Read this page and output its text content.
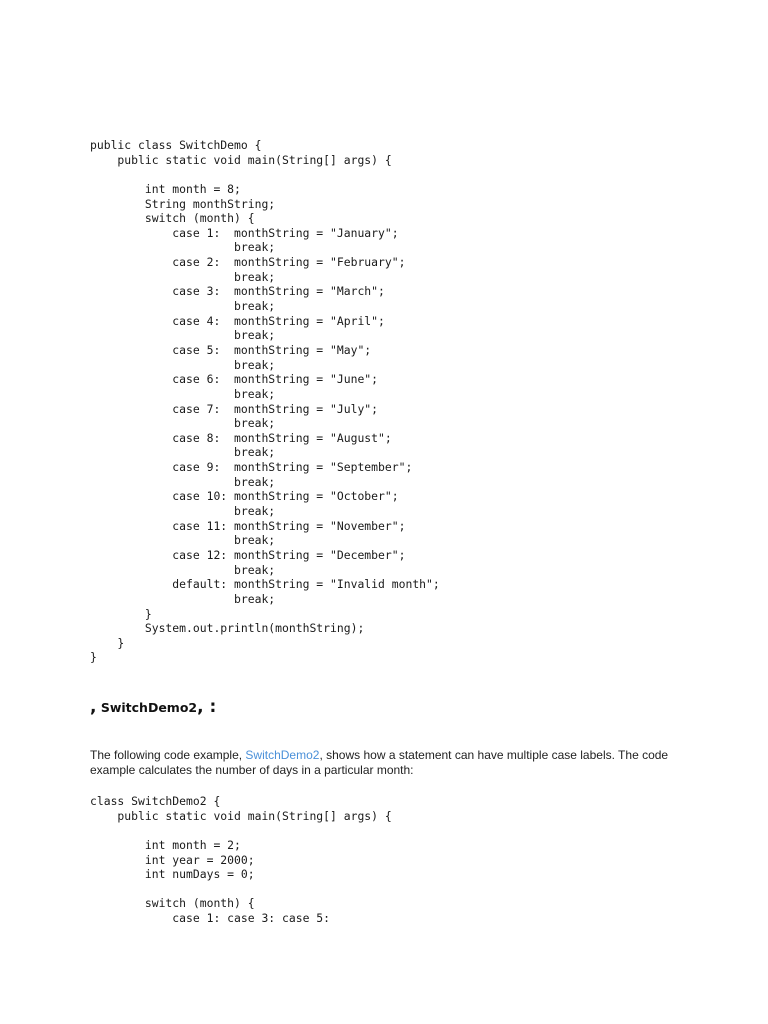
public class SwitchDemo {
public static void main(String[] args) {
int month = 8;
String monthString;
switch (month) {
case 1:  monthString = "January";
break;
case 2:  monthString = "February";
break;
case 3:  monthString = "March";
break;
case 4:  monthString = "April";
break;
case 5:  monthString = "May";
break;
case 6:  monthString = "June";
break;
case 7:  monthString = "July";
break;
case 8:  monthString = "August";
break;
case 9:  monthString = "September";
break;
case 10: monthString = "October";
break;
case 11: monthString = "November";
break;
case 12: monthString = "December";
break;
default: monthString = "Invalid month";
break;
}
System.out.println(monthString);
}
}
, SwitchDemo2, :

The following code example, SwitchDemo2, shows how a statement can have multiple case labels. The code example calculates the number of days in a particular month:

class SwitchDemo2 {
public static void main(String[] args) {
int month = 2;
int year = 2000;
int numDays = 0;
switch (month) {
case 1: case 3: case 5:
